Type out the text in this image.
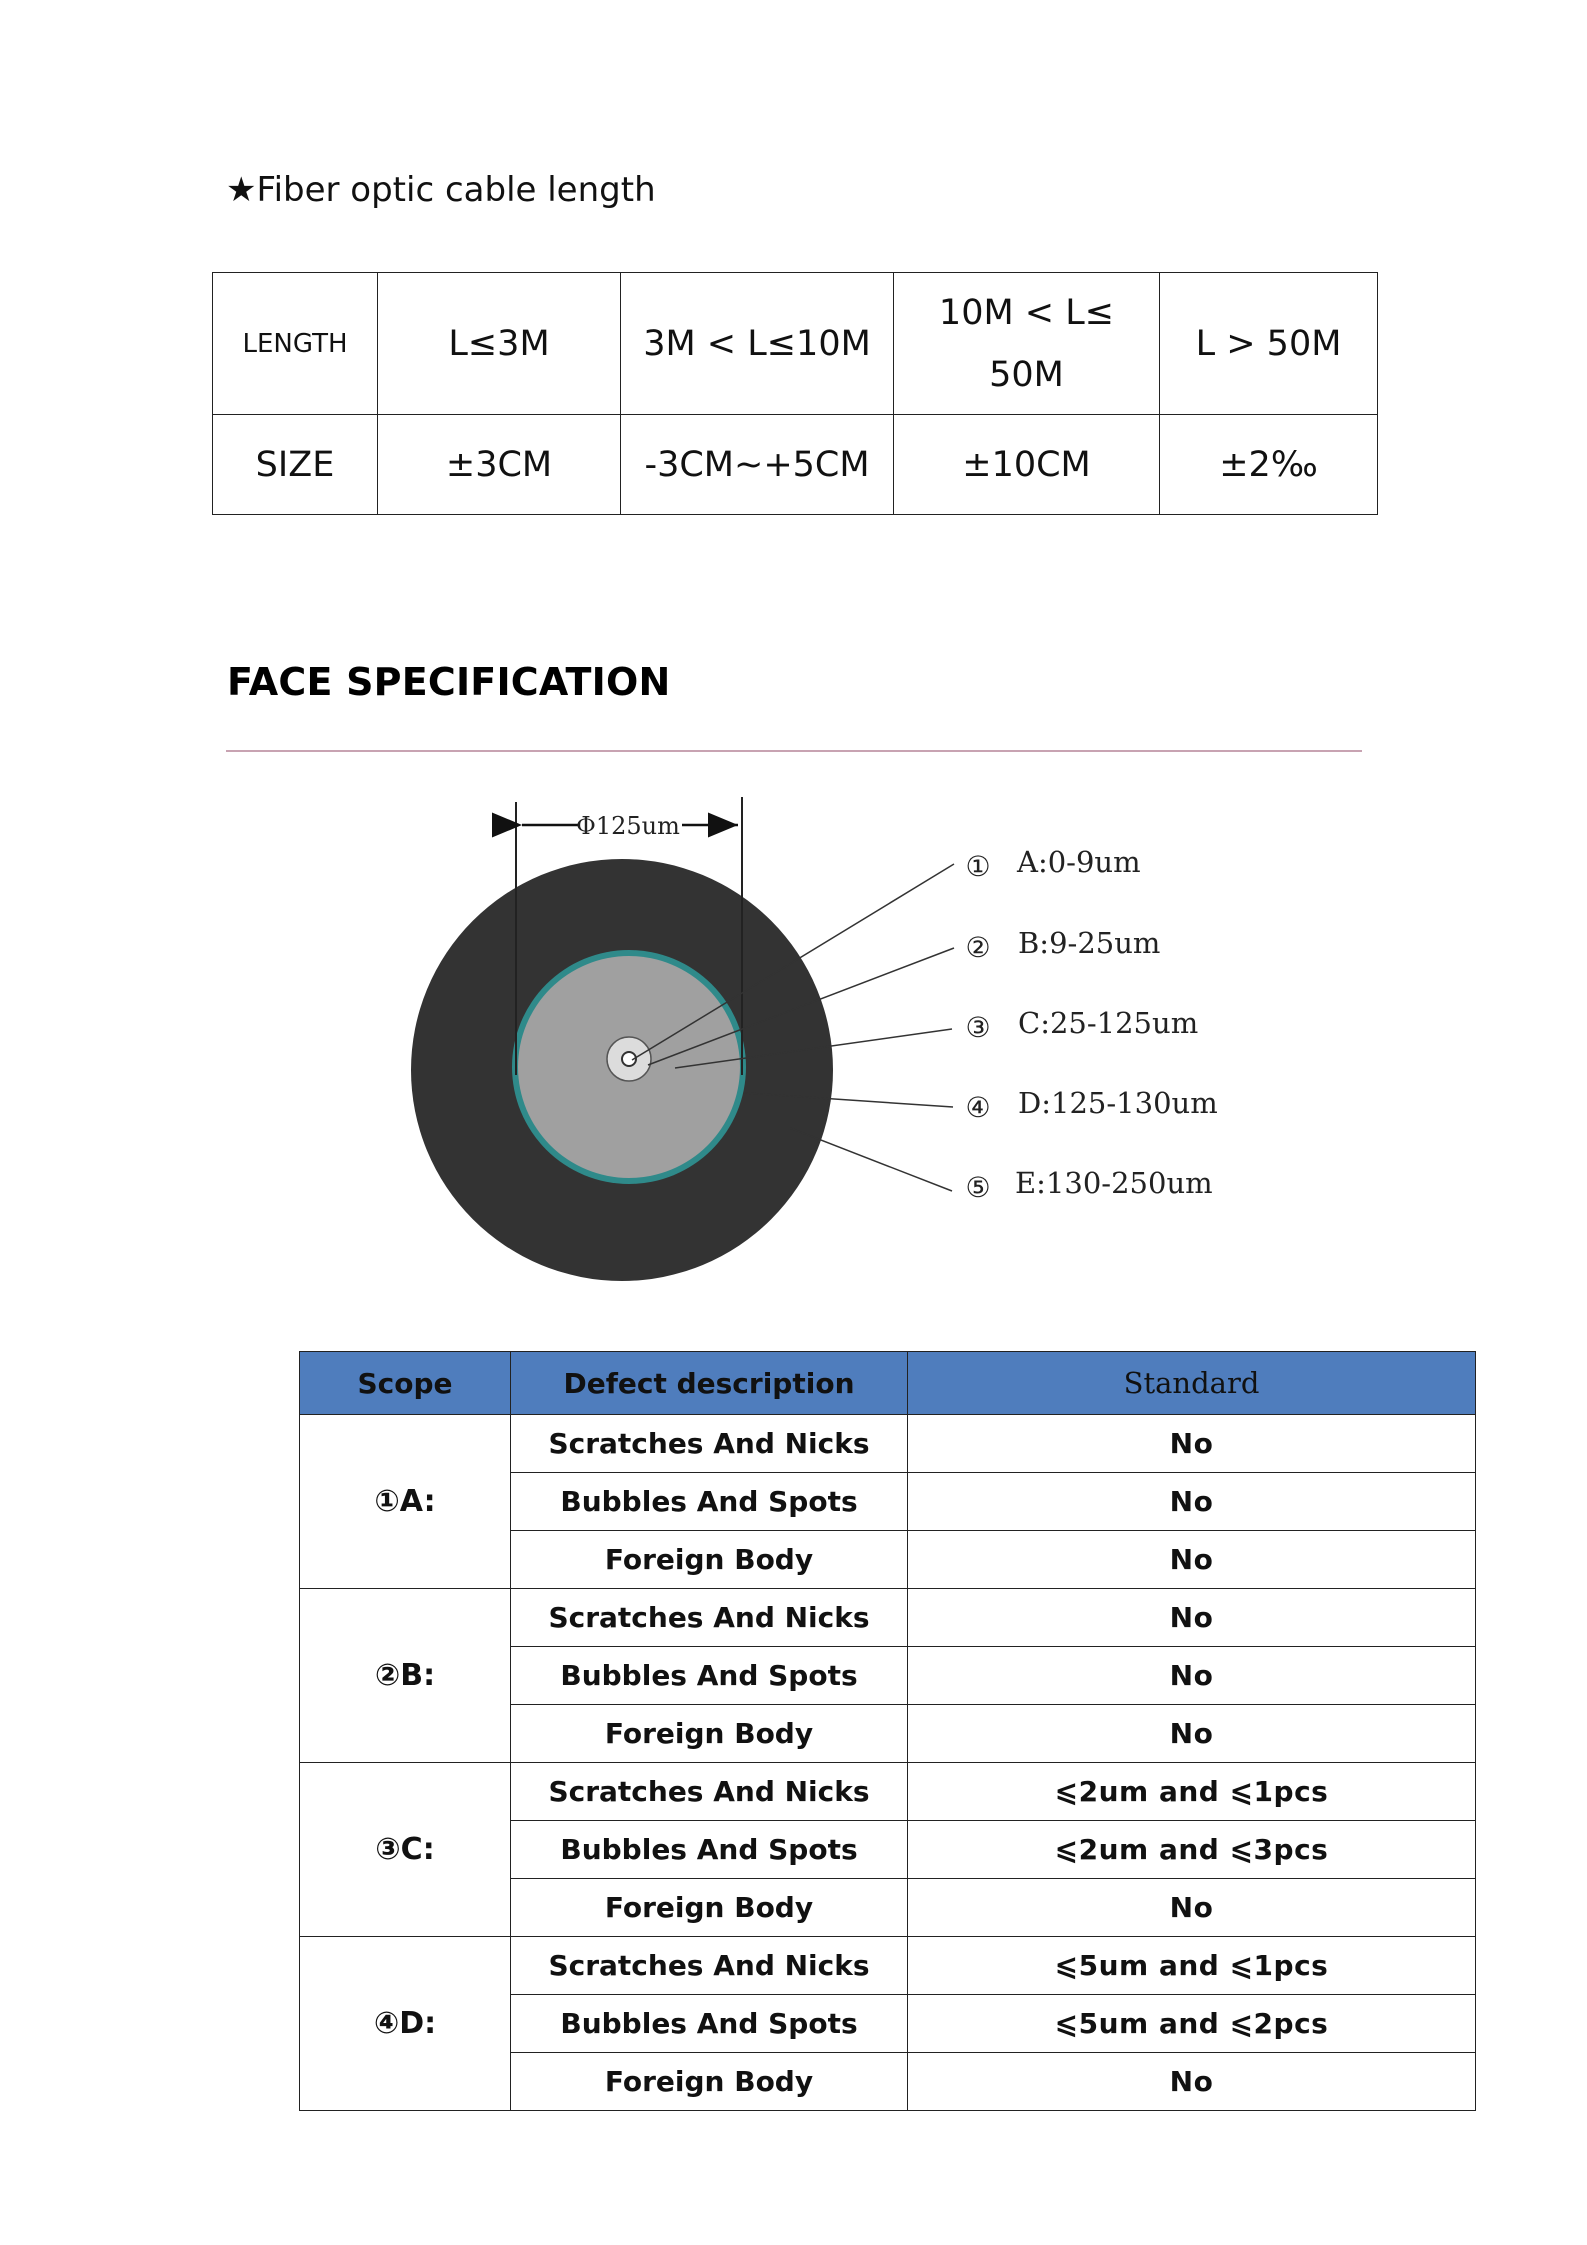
★Fiber optic cable length
LENGTH	L≤3M	3M < L≤10M	10M < L≤ 50M	L > 50M
SIZE	±3CM	-3CM~+5CM	±10CM	±2‰
FACE SPECIFICATION
Φ125um
① A:0-9um
② B:9-25um
③ C:25-125um
④ D:125-130um
⑤ E:130-250um
Scope	Defect description	Standard
①A:	Scratches And Nicks	No
	Bubbles And Spots	No
	Foreign Body	No
②B:	Scratches And Nicks	No
	Bubbles And Spots	No
	Foreign Body	No
③C:	Scratches And Nicks	⩽2um and ⩽1pcs
	Bubbles And Spots	⩽2um and ⩽3pcs
	Foreign Body	No
④D:	Scratches And Nicks	⩽5um and ⩽1pcs
	Bubbles And Spots	⩽5um and ⩽2pcs
	Foreign Body	No
